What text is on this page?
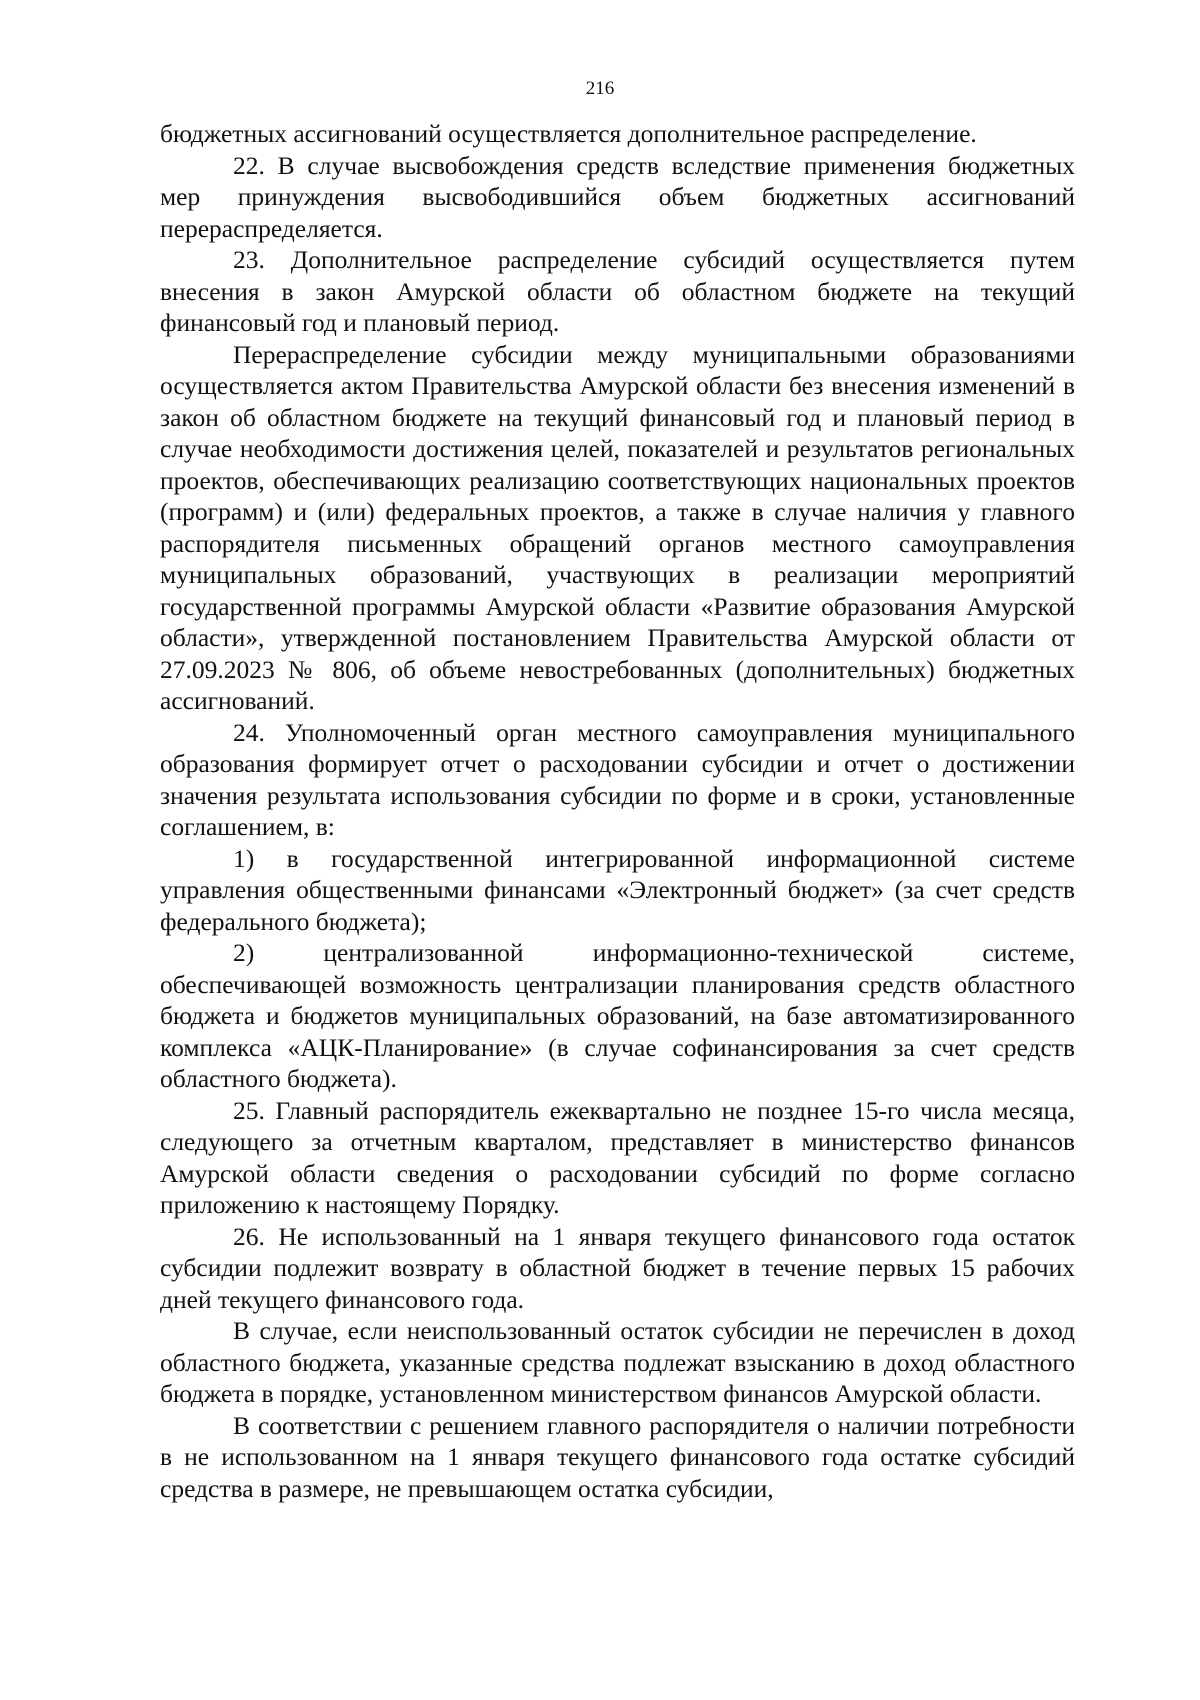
216

бюджетных ассигнований осуществляется дополнительное распределение.

22. В случае высвобождения средств вследствие применения бюджетных мер принуждения высвободившийся объем бюджетных ассигнований перераспределяется.

23. Дополнительное распределение субсидий осуществляется путем внесения в закон Амурской области об областном бюджете на текущий финансовый год и плановый период.

Перераспределение субсидии между муниципальными образованиями осуществляется актом Правительства Амурской области без внесения изменений в закон об областном бюджете на текущий финансовый год и плановый период в случае необходимости достижения целей, показателей и результатов региональных проектов, обеспечивающих реализацию соответствующих национальных проектов (программ) и (или) федеральных проектов, а также в случае наличия у главного распорядителя письменных обращений органов местного самоуправления муниципальных образований, участвующих в реализации мероприятий государственной программы Амурской области «Развитие образования Амурской области», утвержденной постановлением Правительства Амурской области от 27.09.2023 № 806, об объеме невостребованных (дополнительных) бюджетных ассигнований.

24. Уполномоченный орган местного самоуправления муниципального образования формирует отчет о расходовании субсидии и отчет о достижении значения результата использования субсидии по форме и в сроки, установленные соглашением, в:

1) в государственной интегрированной информационной системе управления общественными финансами «Электронный бюджет» (за счет средств федерального бюджета);

2) централизованной информационно-технической системе, обеспечивающей возможность централизации планирования средств областного бюджета и бюджетов муниципальных образований, на базе автоматизированного комплекса «АЦК-Планирование» (в случае софинансирования за счет средств областного бюджета).

25. Главный распорядитель ежеквартально не позднее 15-го числа месяца, следующего за отчетным кварталом, представляет в министерство финансов Амурской области сведения о расходовании субсидий по форме согласно приложению к настоящему Порядку.

26. Не использованный на 1 января текущего финансового года остаток субсидии подлежит возврату в областной бюджет в течение первых 15 рабочих дней текущего финансового года.

В случае, если неиспользованный остаток субсидии не перечислен в доход областного бюджета, указанные средства подлежат взысканию в доход областного бюджета в порядке, установленном министерством финансов Амурской области.

В соответствии с решением главного распорядителя о наличии потребности в не использованном на 1 января текущего финансового года остатке субсидий средства в размере, не превышающем остатка субсидии,
